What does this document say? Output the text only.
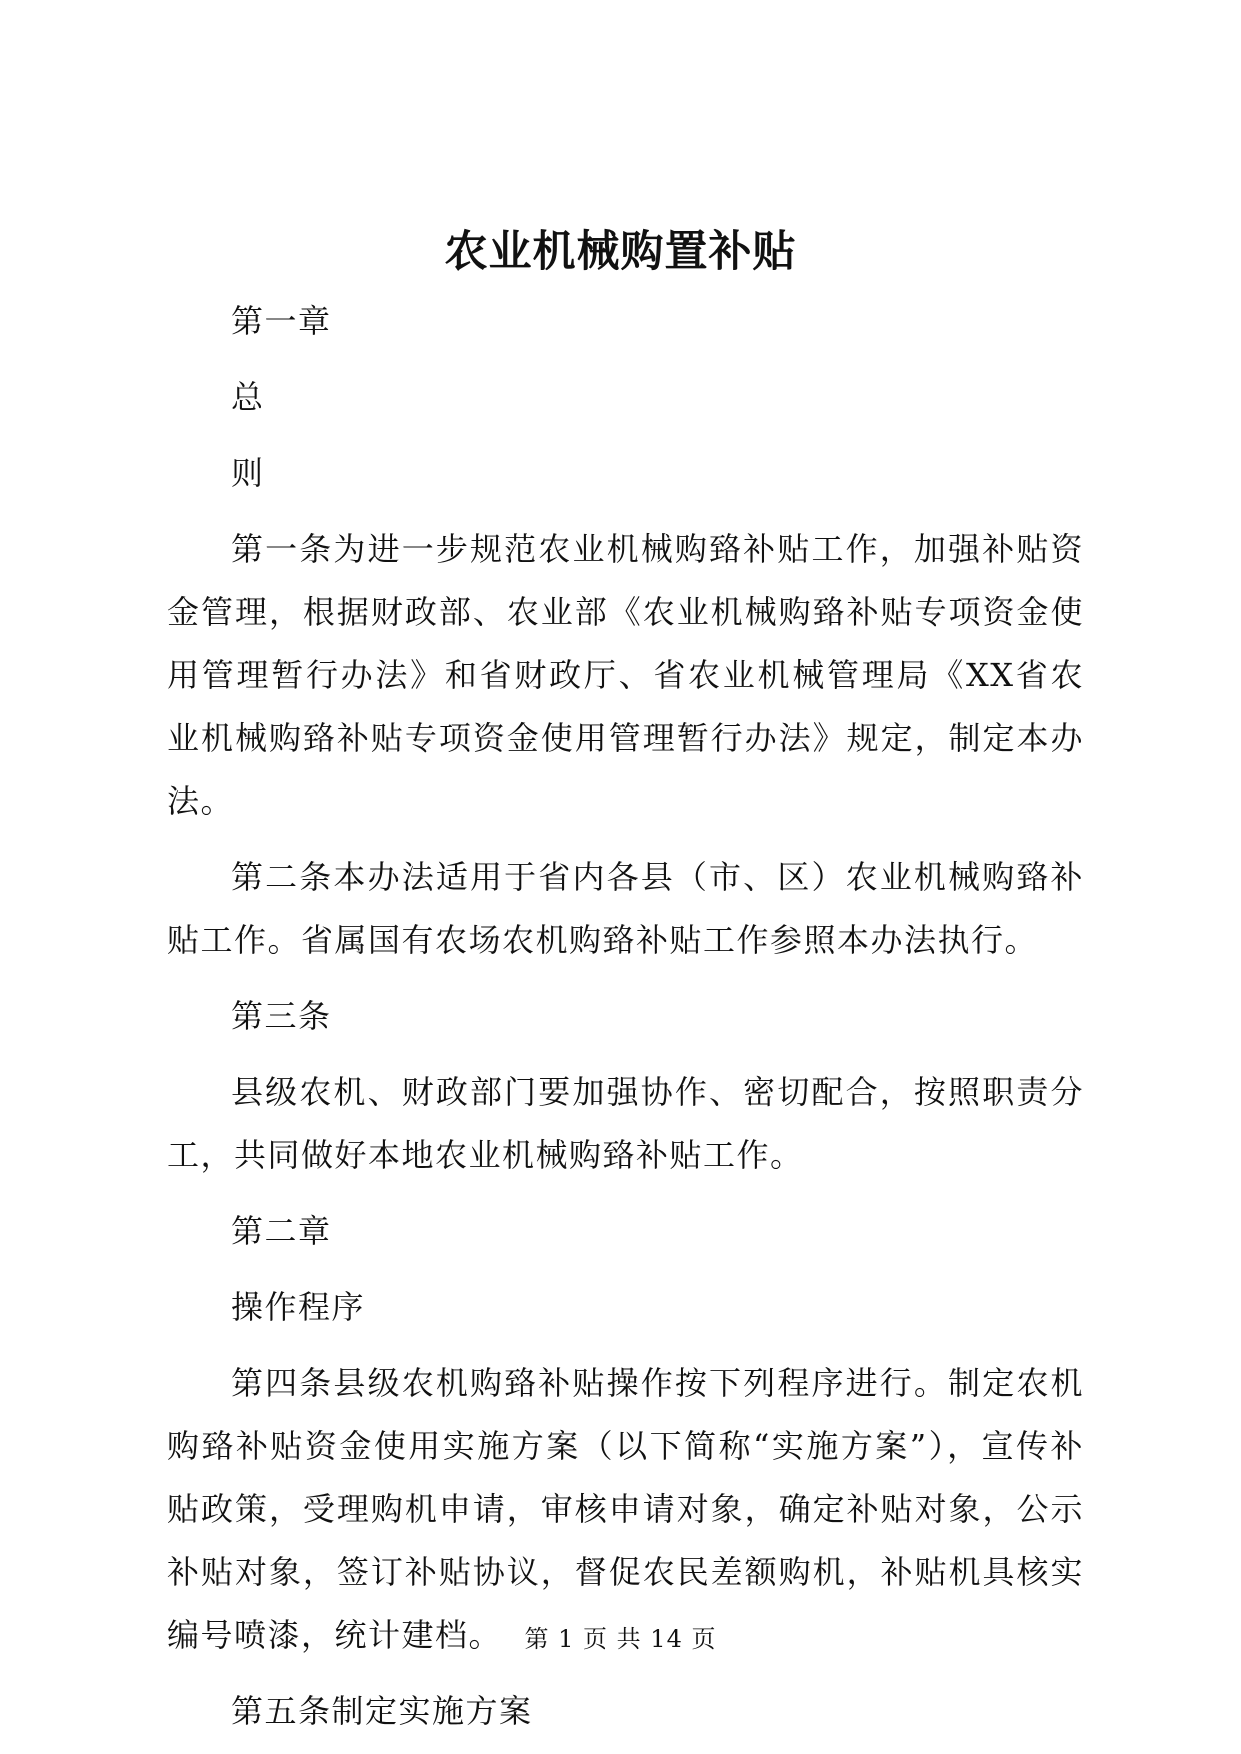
农业机械购置补贴

第一章

总

则

第一条为进一步规范农业机械购臵补贴工作，加强补贴资金管理，根据财政部、农业部《农业机械购臵补贴专项资金使用管理暂行办法》和省财政厅、省农业机械管理局《XX省农业机械购臵补贴专项资金使用管理暂行办法》规定，制定本办法。

第二条本办法适用于省内各县（市、区）农业机械购臵补贴工作。省属国有农场农机购臵补贴工作参照本办法执行。

第三条

县级农机、财政部门要加强协作、密切配合，按照职责分工，共同做好本地农业机械购臵补贴工作。

第二章

操作程序

第四条县级农机购臵补贴操作按下列程序进行。制定农机购臵补贴资金使用实施方案（以下简称“实施方案”），宣传补贴政策，受理购机申请，审核申请对象，确定补贴对象，公示补贴对象，签订补贴协议，督促农民差额购机，补贴机具核实编号喷漆，统计建档。

第五条制定实施方案

第 1 页 共 14 页
